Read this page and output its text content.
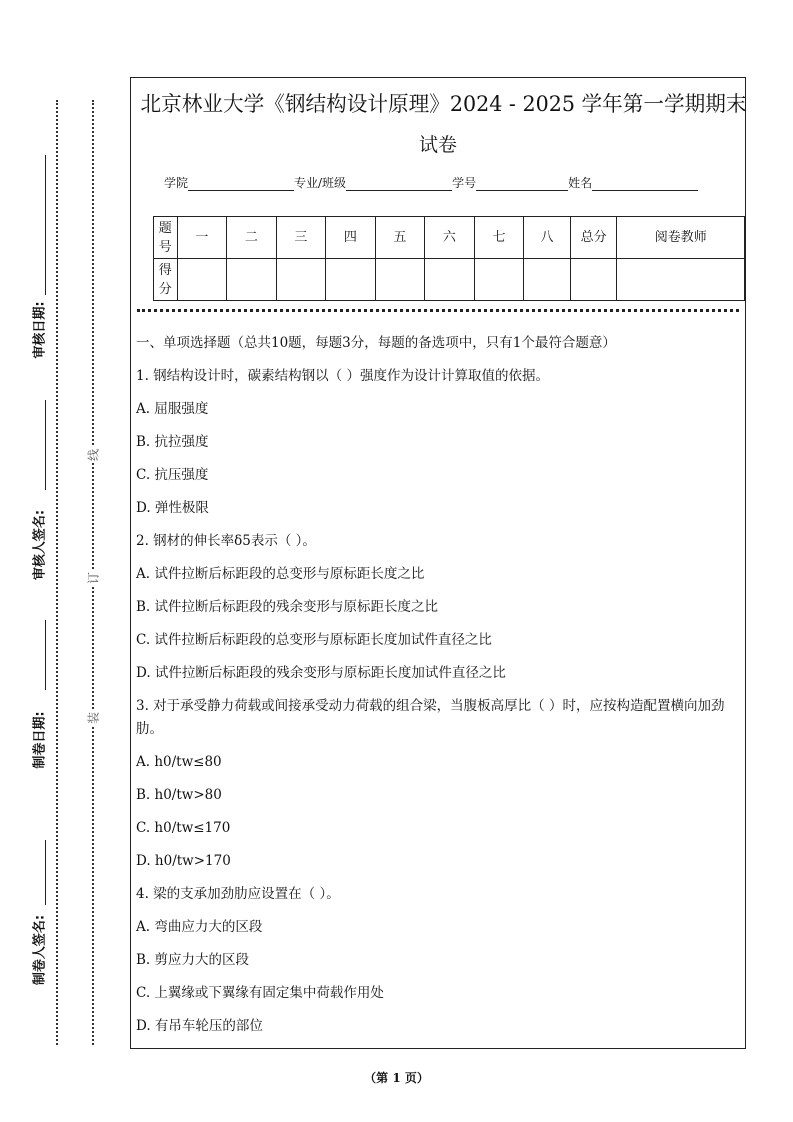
制卷人签名:
制卷日期:
审核人签名:
审核日期:
装
订
线
北京林业大学《钢结构设计原理》2024 - 2025 学年第一学期期末
试卷
学院	专业/班级	学号	姓名
题号	一	二	三	四	五	六	七	八	总分	阅卷教师
得分										
一、单项选择题（总共10题，每题3分，每题的备选项中，只有1个最符合题意）
1. 钢结构设计时，碳素结构钢以（ ）强度作为设计计算取值的依据。
A. 屈服强度
B. 抗拉强度
C. 抗压强度
D. 弹性极限
2. 钢材的伸长率δ5表示（ ）。
A. 试件拉断后标距段的总变形与原标距长度之比
B. 试件拉断后标距段的残余变形与原标距长度之比
C. 试件拉断后标距段的总变形与原标距长度加试件直径之比
D. 试件拉断后标距段的残余变形与原标距长度加试件直径之比
3. 对于承受静力荷载或间接承受动力荷载的组合梁，当腹板高厚比（ ）时，应按构造配置横向加劲肋。
A. h0/tw≤80
B. h0/tw>80
C. h0/tw≤170
D. h0/tw>170
4. 梁的支承加劲肋应设置在（ ）。
A. 弯曲应力大的区段
B. 剪应力大的区段
C. 上翼缘或下翼缘有固定集中荷载作用处
D. 有吊车轮压的部位
（第 1 页）
